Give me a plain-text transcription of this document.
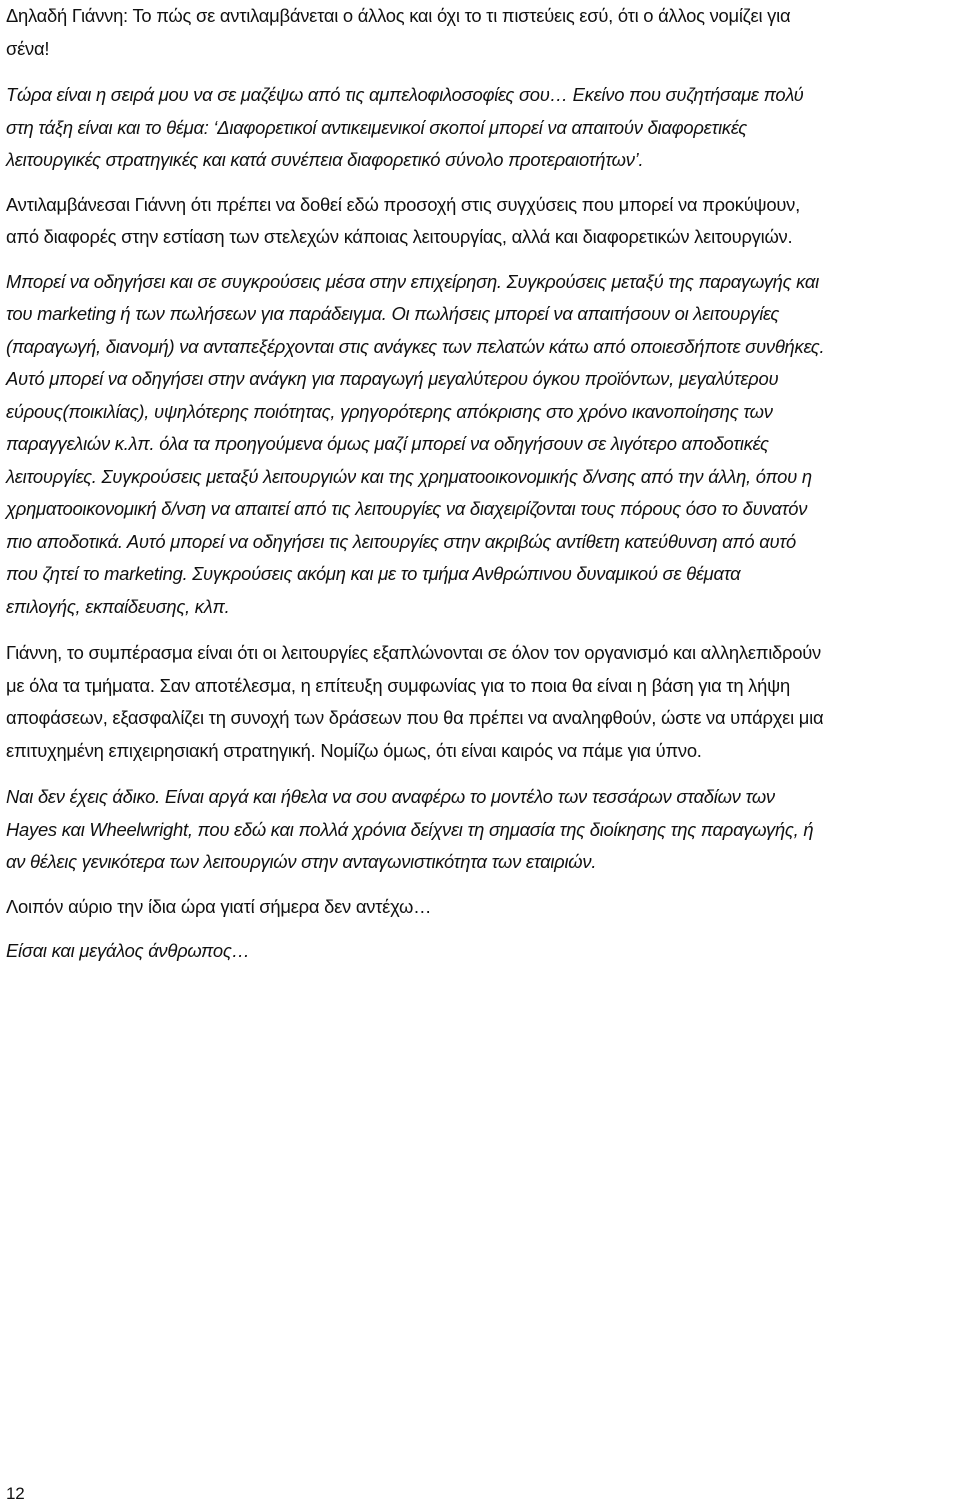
Δηλαδή Γιάννη: Το πώς σε αντιλαμβάνεται ο άλλος και όχι το τι πιστεύεις εσύ, ότι ο άλλος νομίζει για
σένα!

Τώρα είναι η σειρά μου να σε μαζέψω από τις αμπελοφιλοσοφίες σου… Εκείνο που συζητήσαμε πολύ
στη τάξη είναι και το θέμα: ‘Διαφορετικοί αντικειμενικοί σκοποί μπορεί να απαιτούν διαφορετικές
λειτουργικές στρατηγικές και κατά συνέπεια διαφορετικό σύνολο προτεραιοτήτων’.

Αντιλαμβάνεσαι Γιάννη ότι πρέπει να δοθεί εδώ προσοχή στις συγχύσεις που μπορεί να προκύψουν,
από διαφορές στην εστίαση των στελεχών κάποιας λειτουργίας, αλλά και διαφορετικών λειτουργιών.

Μπορεί να οδηγήσει και σε συγκρούσεις μέσα στην επιχείρηση. Συγκρούσεις μεταξύ της παραγωγής και
του marketing ή των πωλήσεων για παράδειγμα. Οι πωλήσεις μπορεί να απαιτήσουν οι λειτουργίες
(παραγωγή, διανομή) να ανταπεξέρχονται στις ανάγκες των πελατών κάτω από οποιεσδήποτε συνθήκες.
Αυτό μπορεί να οδηγήσει στην ανάγκη για παραγωγή μεγαλύτερου όγκου προϊόντων, μεγαλύτερου
εύρους(ποικιλίας), υψηλότερης ποιότητας, γρηγορότερης απόκρισης στο χρόνο ικανοποίησης των
παραγγελιών κ.λπ. όλα τα προηγούμενα όμως μαζί μπορεί να οδηγήσουν σε λιγότερο αποδοτικές
λειτουργίες. Συγκρούσεις μεταξύ λειτουργιών και της χρηματοοικονομικής δ/νσης από την άλλη, όπου η
χρηματοοικονομική δ/νση να απαιτεί από τις λειτουργίες να διαχειρίζονται τους πόρους όσο το δυνατόν
πιο αποδοτικά. Αυτό μπορεί να οδηγήσει τις λειτουργίες στην ακριβώς αντίθετη κατεύθυνση από αυτό
που ζητεί το marketing. Συγκρούσεις ακόμη και με το τμήμα Ανθρώπινου δυναμικού σε θέματα
επιλογής, εκπαίδευσης, κλπ.

Γιάννη, το συμπέρασμα είναι ότι οι λειτουργίες εξαπλώνονται σε όλον τον οργανισμό και αλληλεπιδρούν
με όλα τα τμήματα. Σαν αποτέλεσμα, η επίτευξη συμφωνίας για το ποια θα είναι η βάση για τη λήψη
αποφάσεων, εξασφαλίζει τη συνοχή των δράσεων που θα πρέπει να αναληφθούν, ώστε να υπάρχει μια
επιτυχημένη επιχειρησιακή στρατηγική. Νομίζω όμως, ότι είναι καιρός να πάμε για ύπνο.

Ναι δεν έχεις άδικο. Είναι αργά και ήθελα να σου αναφέρω το μοντέλο των τεσσάρων σταδίων των
Hayes και Wheelwright, που εδώ και πολλά χρόνια δείχνει τη σημασία της διοίκησης της παραγωγής, ή
αν θέλεις γενικότερα των λειτουργιών στην ανταγωνιστικότητα των εταιριών.

Λοιπόν αύριο την ίδια ώρα γιατί σήμερα δεν αντέχω…

Είσαι και μεγάλος άνθρωπος…

12
